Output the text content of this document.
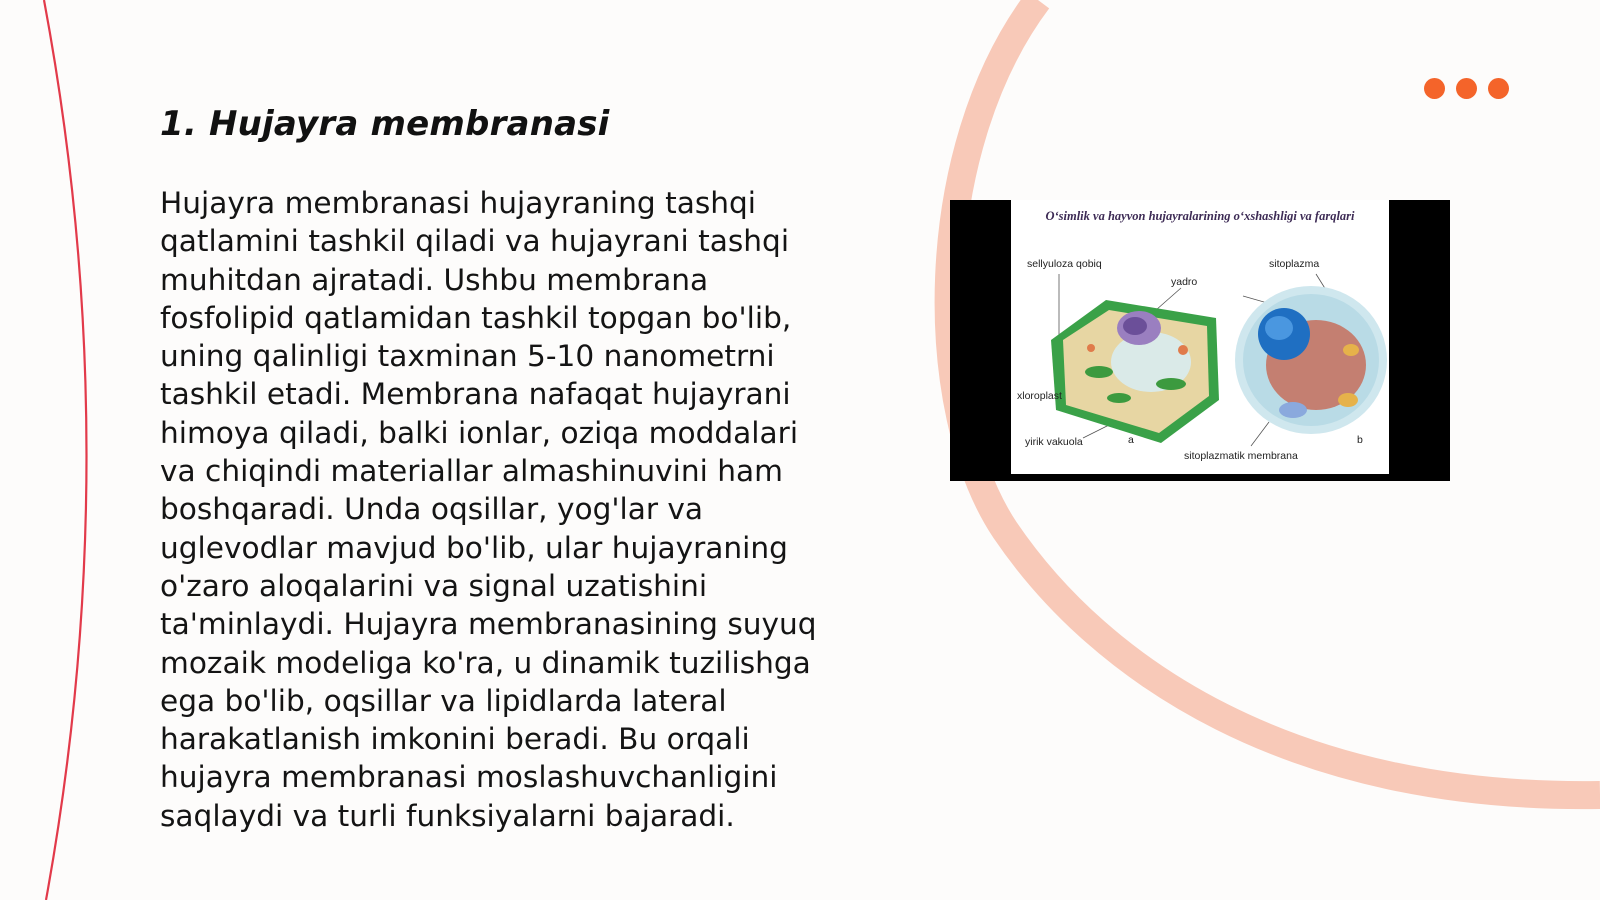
1. Hujayra membranasi

Hujayra membranasi hujayraning tashqi qatlamini tashkil qiladi va hujayrani tashqi muhitdan ajratadi. Ushbu membrana fosfolipid qatlamidan tashkil topgan bo'lib, uning qalinligi taxminan 5-10 nanometrni tashkil etadi. Membrana nafaqat hujayrani himoya qiladi, balki ionlar, oziqa moddalari va chiqindi materiallar almashinuvini ham boshqaradi. Unda oqsillar, yog'lar va uglevodlar mavjud bo'lib, ular hujayraning o'zaro aloqalarini va signal uzatishini ta'minlaydi. Hujayra membranasining suyuq mozaik modeliga ko'ra, u dinamik tuzilishga ega bo'lib, oqsillar va lipidlarda lateral harakatlanish imkonini beradi. Bu orqali hujayra membranasi moslashuvchanligini saqlaydi va turli funksiyalarni bajaradi.

O‘simlik va hayvon hujayralarining o‘xshashligi va farqlari
sellyuloza qobiq
yadro
sitoplazma
xloroplast
yirik vakuola	a	b
sitoplazmatik membrana
